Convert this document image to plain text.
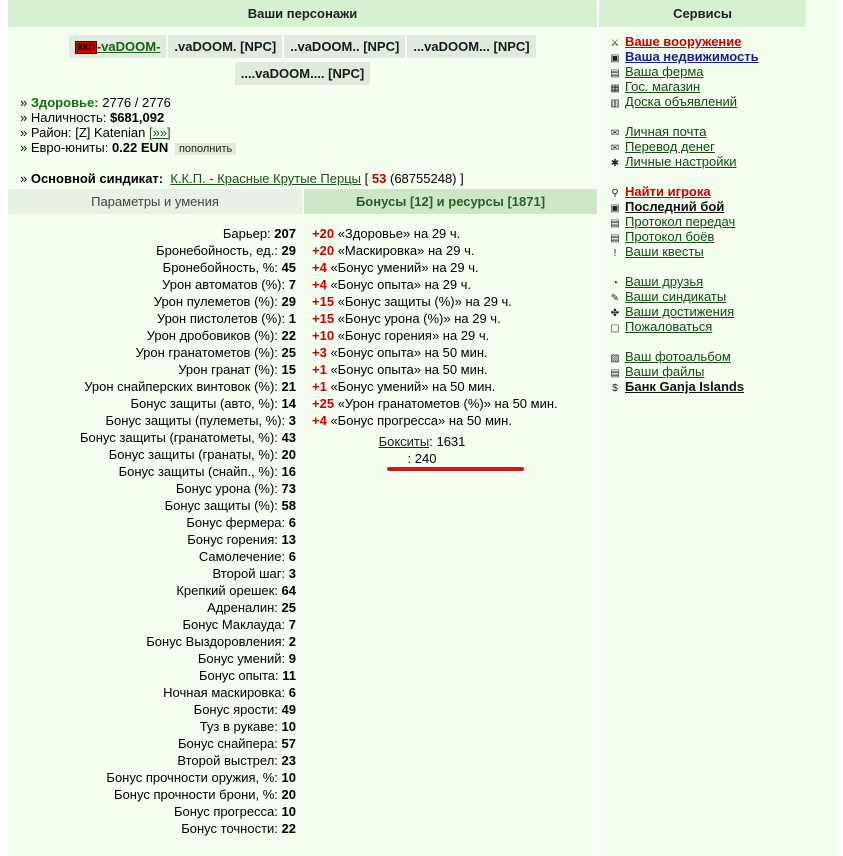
Ваши персонажи
ККП -vaDOOM- .vaDOOM. [NPC] ..vaDOOM.. [NPC] ...vaDOOM... [NPC]
....vaDOOM.... [NPC]
» Здоровье: 2776 / 2776
» Наличность: $681,092
» Район: [Z] Katenian [»»]
» Евро-юниты: 0.22 EUN пополнить
» Основной синдикат: К.К.П. - Красные Крутые Перцы [ 53 (68755248) ]
Параметры и умения	Бонусы [12] и ресурсы [1871]
Барьер: 207
Бронебойность, ед.: 29
Бронебойность, %: 45
Урон автоматов (%): 7
Урон пулеметов (%): 29
Урон пистолетов (%): 1
Урон дробовиков (%): 22
Урон гранатометов (%): 25
Урон гранат (%): 15
Урон снайперских винтовок (%): 21
Бонус защиты (авто, %): 14
Бонус защиты (пулеметы, %): 3
Бонус защиты (гранатометы, %): 43
Бонус защиты (гранаты, %): 20
Бонус защиты (снайп., %): 16
Бонус урона (%): 73
Бонус защиты (%): 58
Бонус фермера: 6
Бонус горения: 13
Самолечение: 6
Второй шаг: 3
Крепкий орешек: 64
Адреналин: 25
Бонус Маклауда: 7
Бонус Выздоровления: 2
Бонус умений: 9
Бонус опыта: 11
Ночная маскировка: 6
Бонус ярости: 49
Туз в рукаве: 10
Бонус снайпера: 57
Второй выстрел: 23
Бонус прочности оружия, %: 10
Бонус прочности брони, %: 20
Бонус прогресса: 10
Бонус точности: 22
+20 «Здоровье» на 29 ч.
+20 «Маскировка» на 29 ч.
+4 «Бонус умений» на 29 ч.
+4 «Бонус опыта» на 29 ч.
+15 «Бонус защиты (%)» на 29 ч.
+15 «Бонус урона (%)» на 29 ч.
+10 «Бонус горения» на 29 ч.
+3 «Бонус опыта» на 50 мин.
+1 «Бонус опыта» на 50 мин.
+1 «Бонус умений» на 50 мин.
+25 «Урон гранатометов (%)» на 50 мин.
+4 «Бонус прогресса» на 50 мин.
Бокситы: 1631
: 240
Сервисы
⚔ Ваше вооружение
▣ Ваша недвижимость
▤ Ваша ферма
▦ Гос. магазин
▥ Доска объявлений
✉ Личная почта
✉ Перевод денег
✱ Личные настройки
⚲ Найти игрока
▣ Последний бой
▤ Протокол передач
▤ Протокол боёв
! Ваши квесты
◔ Ваши друзья
✎ Ваши синдикаты
✤ Ваши достижения
▢ Пожаловаться
▨ Ваш фотоальбом
▤ Ваши файлы
$ Банк Ganja Islands
